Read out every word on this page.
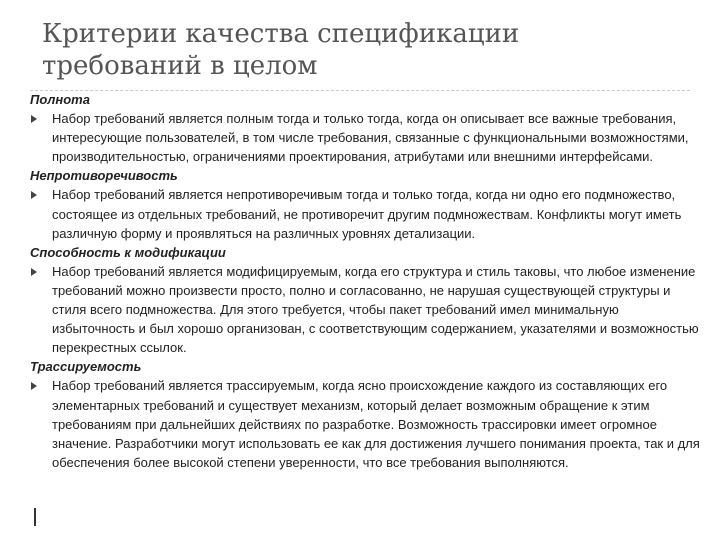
Критерии качества спецификации требований в целом

Полнота

Набор требований является полным тогда и только тогда, когда он описывает все важные требования, интересующие пользователей, в том числе требования, связанные с функциональными возможностями, производительностью, ограничениями проектирования, атрибутами или внешними интерфейсами.

Непротиворечивость

Набор требований является непротиворечивым тогда и только тогда, когда ни одно его подмножество, состоящее из отдельных требований, не противоречит другим подмножествам. Конфликты могут иметь различную форму и проявляться на различных уровнях детализации.

Способность к модификации

Набор требований является модифицируемым, когда его структура и стиль таковы, что любое изменение требований можно произвести просто, полно и согласованно, не нарушая существующей структуры и стиля всего подмножества. Для этого требуется, чтобы пакет требований имел минимальную избыточность и был хорошо организован, с соответствующим содержанием, указателями и возможностью перекрестных ссылок.

Трассируемость

Набор требований является трассируемым, когда ясно происхождение каждого из составляющих его элементарных требований и существует механизм, который делает возможным обращение к этим требованиям при дальнейших действиях по разработке. Возможность трассировки имеет огромное значение. Разработчики могут использовать ее как для достижения лучшего понимания проекта, так и для обеспечения более высокой степени уверенности, что все требования выполняются.
